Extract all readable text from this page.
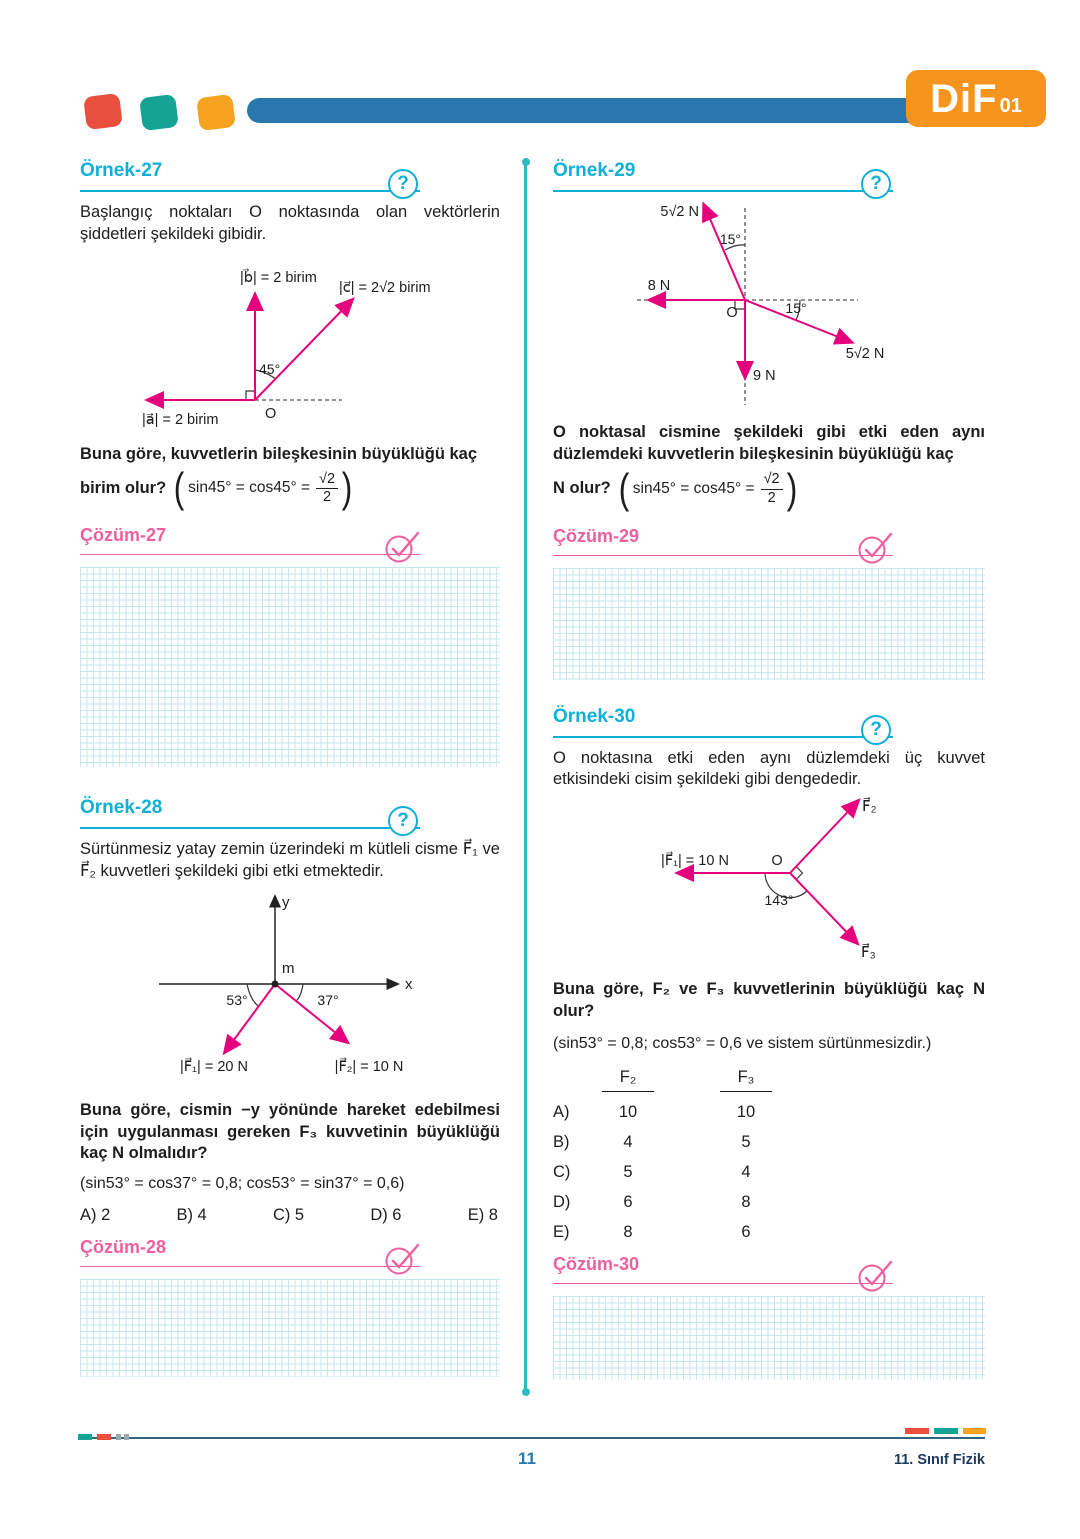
DiF 01
Örnek-27
?

Başlangıç noktaları O noktasında olan vektörlerin şiddetleri şekildeki gibidir.

|b⃗| = 2 birim
|c⃗| = 2√2 birim
|a⃗| = 2 birim
45°
O

Buna göre, kuvvetlerin bileşkesinin büyüklüğü kaç

birim olur? ( $\sin 45^\circ = \cos 45^\circ = \frac{√2}{2}$ )
Çözüm-27
Örnek-28
?

Sürtünmesiz yatay zemin üzerindeki m kütleli cisme F⃗₁ ve F⃗₂ kuvvetleri şekildeki gibi etki etmektedir.

y
x
m
53°	37°
|F⃗₁| = 20 N	|F⃗₂| = 10 N

Buna göre, cismin −y yönünde hareket edebilmesi için uygulanması gereken F₃ kuvvetinin büyüklüğü kaç N olmalıdır?

(sin53° = cos37° = 0,8; cos53° = sin37° = 0,6)

A) 2	B) 4	C) 5	D) 6	E) 8
Çözüm-28
Örnek-29
?
5√2 N
15°
8 N
O	15°
5√2 N
9 N

O noktasal cismine şekildeki gibi etki eden aynı düzlemdeki kuvvetlerin bileşkesinin büyüklüğü kaç

N olur? ( $\sin 45^\circ = \cos 45^\circ = \frac{√2}{2}$ )
Çözüm-29
Örnek-30
?

O noktasına etki eden aynı düzlemdeki üç kuvvet etkisindeki cisim şekildeki gibi dengededir.

|F⃗₁| = 10 N
F⃗₂
F⃗₃
O
143°

Buna göre, F₂ ve F₃ kuvvetlerinin büyüklüğü kaç N olur?

(sin53° = 0,8; cos53° = 0,6 ve sistem sürtünmesizdir.)

F₂	F₃
A)	10	10
B)	4	5
C)	5	4
D)	6	8
E)	8	6
Çözüm-30
11	11. Sınıf Fizik
